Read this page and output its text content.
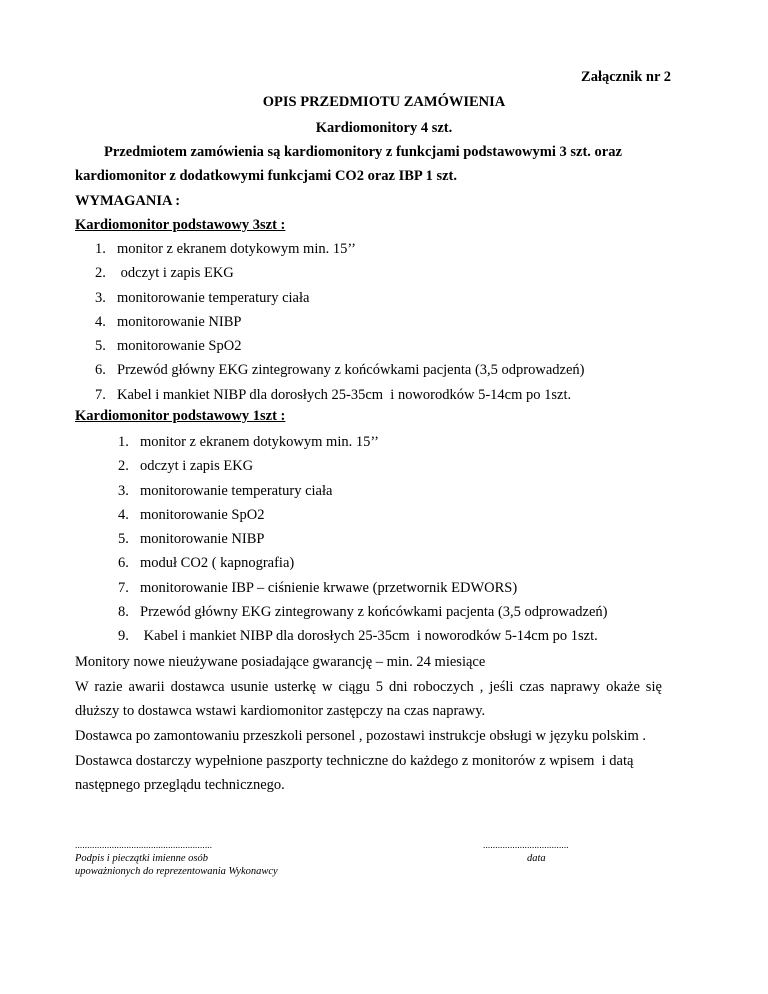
Załącznik nr 2
OPIS PRZEDMIOTU ZAMÓWIENIA
Kardiomonitory 4 szt.
Przedmiotem zamówienia są kardiomonitory z funkcjami podstawowymi 3 szt. oraz
kardiomonitor z dodatkowymi funkcjami CO2 oraz IBP 1 szt.
WYMAGANIA :
Kardiomonitor podstawowy 3szt :
1. monitor z ekranem dotykowym min. 15’’
2. odczyt i zapis EKG
3. monitorowanie temperatury ciała
4. monitorowanie NIBP
5. monitorowanie SpO2
6. Przewód główny EKG zintegrowany z końcówkami pacjenta (3,5 odprowadzeń)
7. Kabel i mankiet NIBP dla dorosłych 25-35cm  i noworodków 5-14cm po 1szt.
Kardiomonitor podstawowy 1szt :
1. monitor z ekranem dotykowym min. 15’’
2. odczyt i zapis EKG
3. monitorowanie temperatury ciała
4. monitorowanie SpO2
5. monitorowanie NIBP
6. moduł CO2 ( kapnografia)
7. monitorowanie IBP – ciśnienie krwawe (przetwornik EDWORS)
8. Przewód główny EKG zintegrowany z końcówkami pacjenta (3,5 odprowadzeń)
9. Kabel i mankiet NIBP dla dorosłych 25-35cm  i noworodków 5-14cm po 1szt.
Monitory nowe nieużywane posiadające gwarancję – min. 24 miesiące
W razie awarii dostawca usunie usterkę w ciągu 5 dni roboczych , jeśli czas naprawy okaże się
dłuższy to dostawca wstawi kardiomonitor zastępczy na czas naprawy.
Dostawca po zamontowaniu przeszkoli personel , pozostawi instrukcje obsługi w języku polskim .
Dostawca dostarczy wypełnione paszporty techniczne do każdego z monitorów z wpisem  i datą
następnego przeglądu technicznego.
........................................................	...................................
Podpis i pieczątki imienne osób
upoważnionych do reprezentowania Wykonawcy
data
